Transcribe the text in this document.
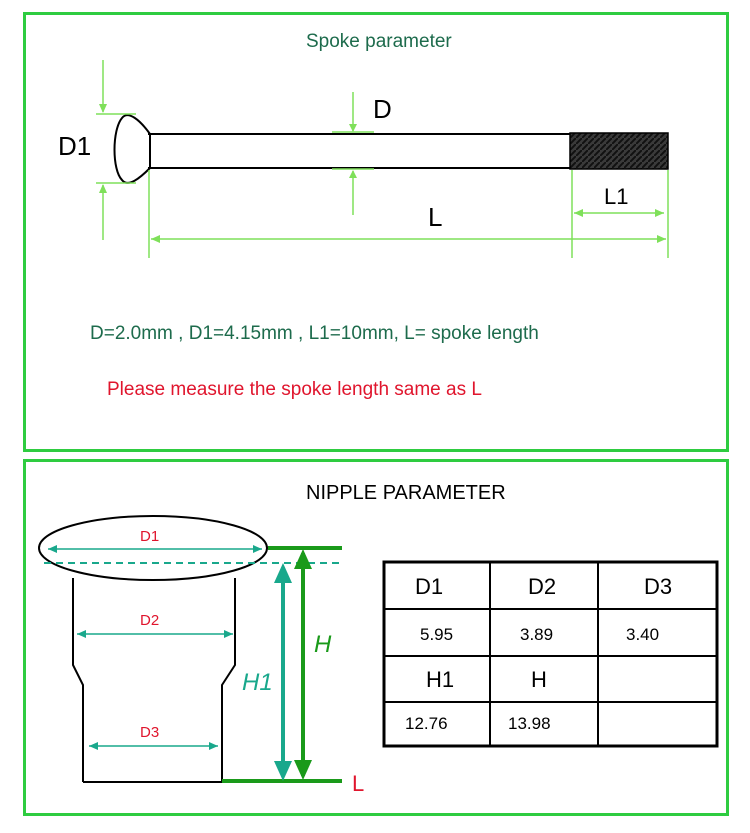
Spoke parameter
D=2.0mm , D1=4.15mm , L1=10mm, L= spoke length
Please measure the spoke length same as L
NIPPLE PARAMETER
D1
D
L
L1
D1
D2
D3
H1
H
L
D1	D2	D3
5.95	3.89	3.40
H1	H
12.76	13.98
